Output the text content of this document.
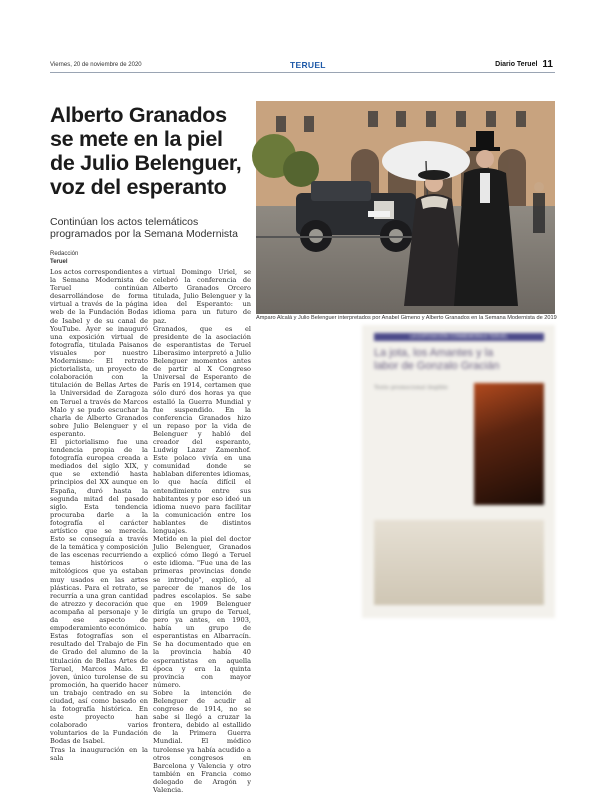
Viernes, 20 de noviembre de 2020	TERUEL	Diario Teruel 11
Alberto Granados
se mete en la piel
de Julio Belenguer,
voz del esperanto
Continúan los actos telemáticos
programados por la Semana Modernista
Redacción
Teruel
Los actos correspondientes a la Semana Modernista de Teruel continúan desarrollándose de forma virtual a través de la página web de la Fundación Bodas de Isabel y de su canal de YouTube. Ayer se inauguró una exposición virtual de fotografía, titulada Paisanos visuales por nuestro Modernismo: El retrato pictorialista, un proyecto de colaboración con la titulación de Bellas Artes de la Universidad de Zaragoza en Teruel a través de Marcos Malo y se pudo escuchar la charla de Alberto Granados sobre Julio Belenguer y el esperanto.
El pictorialismo fue una tendencia propia de la fotografía europea creada a mediados del siglo XIX, y que se extendió hasta principios del XX aunque en España, duró hasta la segunda mitad del pasado siglo. Esta tendencia procuraba darle a la fotografía el carácter artístico que se merecía. Esto se conseguía a través de la temática y composición de las escenas recurriendo a temas históricos o mitológicos que ya estaban muy usados en las artes plásticas. Para el retrato, se recurría a una gran cantidad de atrezzo y decoración que acompaña al personaje y le da ese aspecto de empoderamiento económico.
Estas fotografías son el resultado del Trabajo de Fin de Grado del alumno de la titulación de Bellas Artes de Teruel, Marcos Malo. El joven, único turolense de su promoción, ha querido hacer un trabajo centrado en su ciudad, así como basado en la fotografía histórica. En este proyecto han colaborado varios voluntarios de la Fundación Bodas de Isabel.
Tras la inauguración en la sala
virtual Domingo Uriel, se celebró la conferencia de Alberto Granados Orcero titulada, Julio Belenguer y la idea del Esperanto: un idioma para un futuro de paz.
Granados, que es el presidente de la asociación de esperantistas de Teruel Liberasimo interpretó a Julio Belenguer momentos antes de partir al X Congreso Universal de Esperanto de París en 1914, certamen que sólo duró dos horas ya que estalló la Guerra Mundial y fue suspendido. En la conferencia Granados hizo un repaso por la vida de Belenguer y habló del creador del esperanto, Ludwig Lazar Zamenhof. Este polaco vivía en una comunidad donde se hablaban diferentes idiomas, lo que hacía difícil el entendimiento entre sus habitantes y por eso ideó un idioma nuevo para facilitar la comunicación entre los hablantes de distintos lenguajes.
Metido en la piel del doctor Julio Belenguer, Granados explicó cómo llegó a Teruel este idioma. "Fue una de las primeras provincias donde se introdujo", explicó, al parecer de manos de los padres escolapios. Se sabe que en 1909 Belenguer dirigía un grupo de Teruel, pero ya antes, en 1903, había un grupo de esperantistas en Albarracín. Se ha documentado que en la provincia había 40 esperantistas en aquella época y era la quinta provincia con mayor número.
Sobre la intención de Belenguer de acudir al congreso de 1914, no se sabe si llegó a cruzar la frontera, debido al estallido de la Primera Guerra Mundial. El médico turolense ya había acudido a otros congresos en Barcelona y Valencia y otro también en Francia como delegado de Aragón y Valencia.
Amparo Alcalá y Julio Belenguer interpretados por Anabel Gimeno y Alberto Granados en la Semana Modernista de 2019
LA EXPOSICIÓN CONMEMORA A TERUEL
La jota, los Amantes y la
labor de Gonzalo Gracián
Texto promocional ilegible
